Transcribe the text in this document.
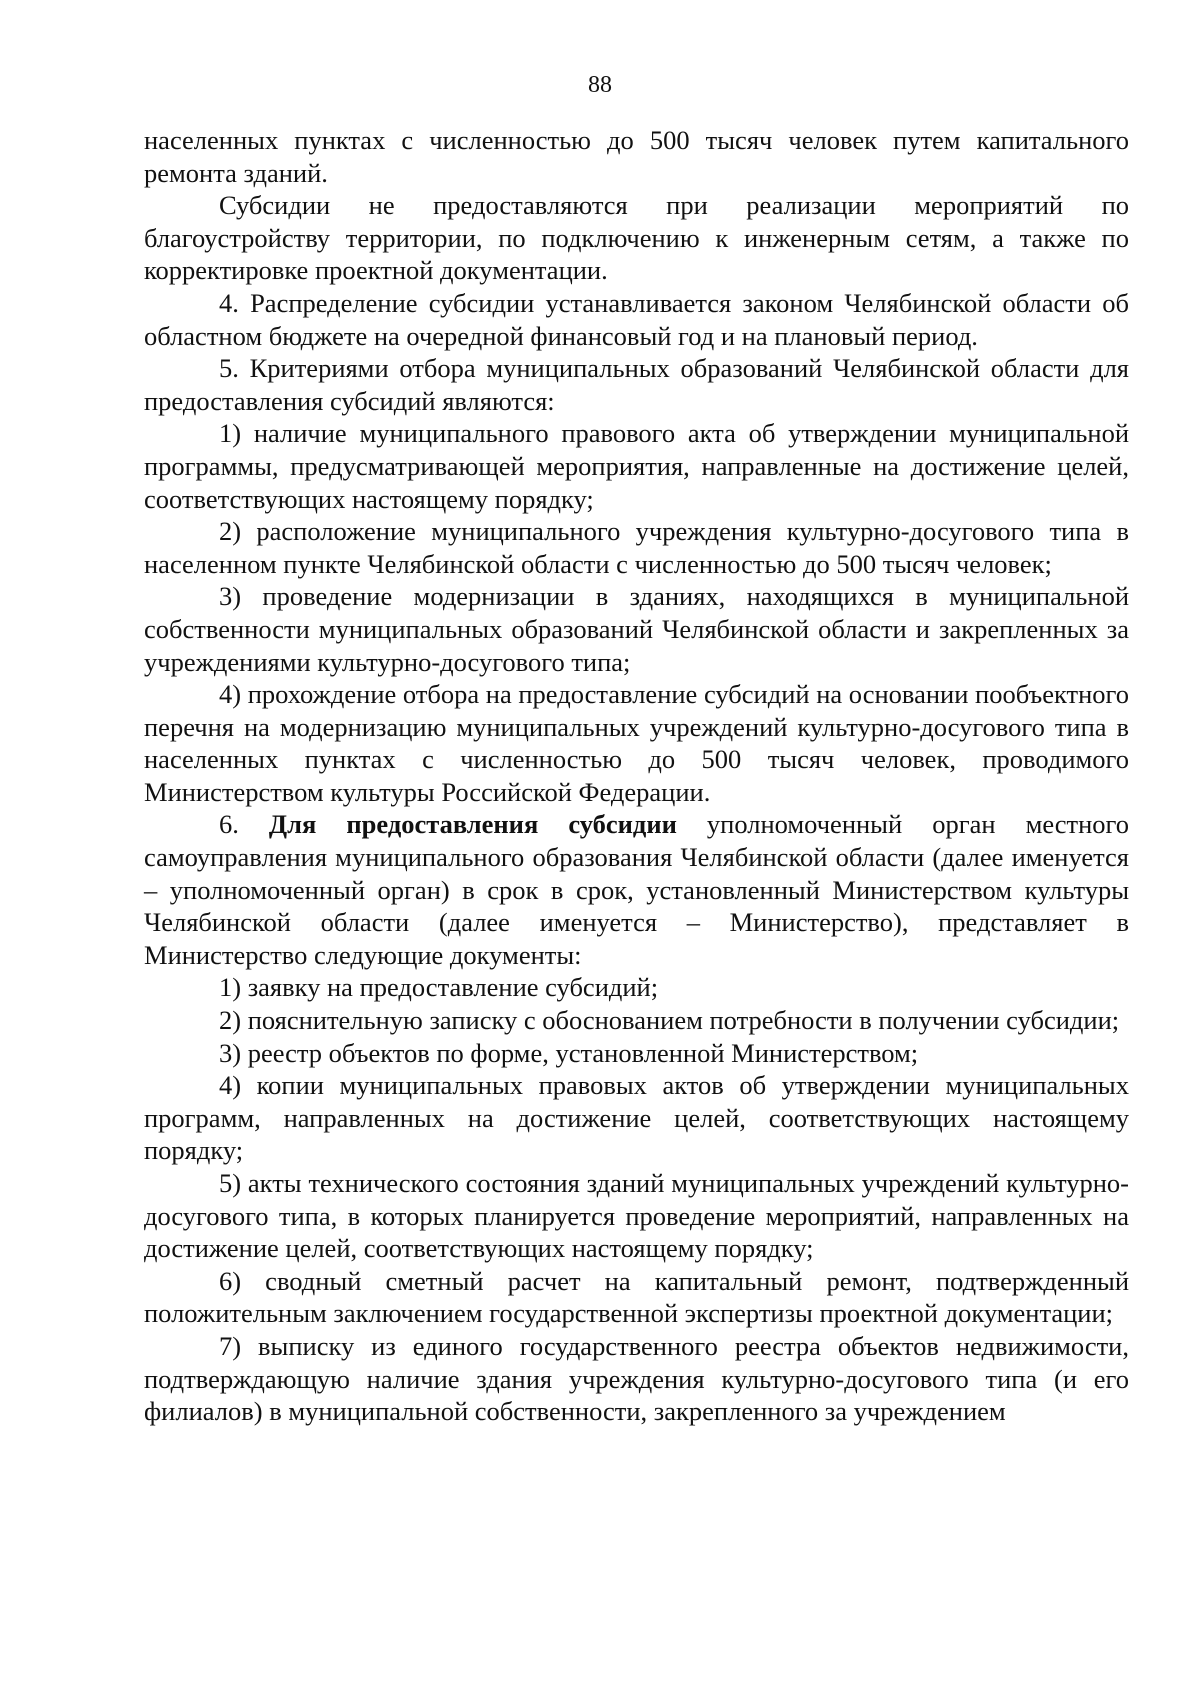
88

населенных пунктах с численностью до 500 тысяч человек путем капитального ремонта зданий.

Субсидии не предоставляются при реализации мероприятий по благоустройству территории, по подключению к инженерным сетям, а также по корректировке проектной документации.

4. Распределение субсидии устанавливается законом Челябинской области об областном бюджете на очередной финансовый год и на плановый период.

5. Критериями отбора муниципальных образований Челябинской области для предоставления субсидий являются:

1) наличие муниципального правового акта об утверждении муниципальной программы, предусматривающей мероприятия, направленные на достижение целей, соответствующих настоящему порядку;

2) расположение муниципального учреждения культурно-досугового типа в населенном пункте Челябинской области с численностью до 500 тысяч человек;

3) проведение модернизации в зданиях, находящихся в муниципальной собственности муниципальных образований Челябинской области и закрепленных за учреждениями культурно-досугового типа;

4) прохождение отбора на предоставление субсидий на основании пообъектного перечня на модернизацию муниципальных учреждений культурно-досугового типа в населенных пунктах с численностью до 500 тысяч человек, проводимого Министерством культуры Российской Федерации.

6. Для предоставления субсидии уполномоченный орган местного самоуправления муниципального образования Челябинской области (далее именуется – уполномоченный орган) в срок в срок, установленный Министерством культуры Челябинской области (далее именуется – Министерство), представляет в Министерство следующие документы:

1) заявку на предоставление субсидий;

2) пояснительную записку с обоснованием потребности в получении субсидии;

3) реестр объектов по форме, установленной Министерством;

4) копии муниципальных правовых актов об утверждении муниципальных программ, направленных на достижение целей, соответствующих настоящему порядку;

5) акты технического состояния зданий муниципальных учреждений культурно-досугового типа, в которых планируется проведение мероприятий, направленных на достижение целей, соответствующих настоящему порядку;

6) сводный сметный расчет на капитальный ремонт, подтвержденный положительным заключением государственной экспертизы проектной документации;

7) выписку из единого государственного реестра объектов недвижимости, подтверждающую наличие здания учреждения культурно-досугового типа (и его филиалов) в муниципальной собственности, закрепленного за учреждением
